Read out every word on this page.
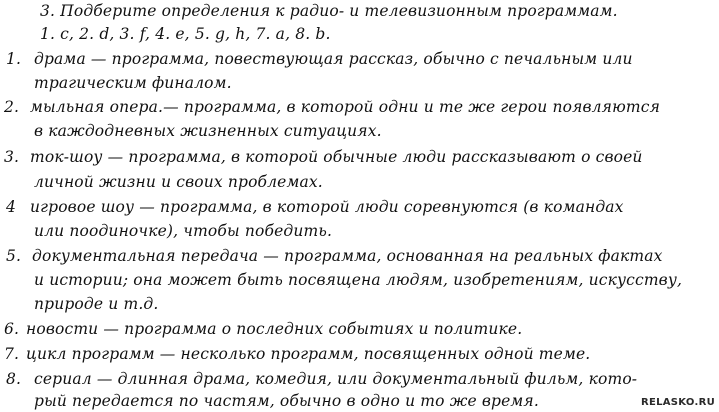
3. Подберите определения к радио- и телевизионным программам.
1. c, 2. d, 3. f, 4. e, 5. g, h, 7. a, 8. b.
1. драма — программа, повествующая рассказ, обычно с печальным или
трагическим финалом.
2. мыльная опера.— программа, в которой одни и те же герои появляются
в каждодневных жизненных ситуациях.
3. ток-шоу — программа, в которой обычные люди рассказывают о своей
личной жизни и своих проблемах.
4 игровое шоу — программа, в которой люди соревнуются (в командах
или поодиночке), чтобы победить.
5. документальная передача — программа, основанная на реальных фактах
и истории; она может быть посвящена людям, изобретениям, искусству,
природе и т.д.
6. новости — программа о последних событиях и политике.
7. цикл программ — несколько программ, посвященных одной теме.
8. сериал — длинная драма, комедия, или документальный фильм, кото-
рый передается по частям, обычно в одно и то же время.	RELASKO.RU
